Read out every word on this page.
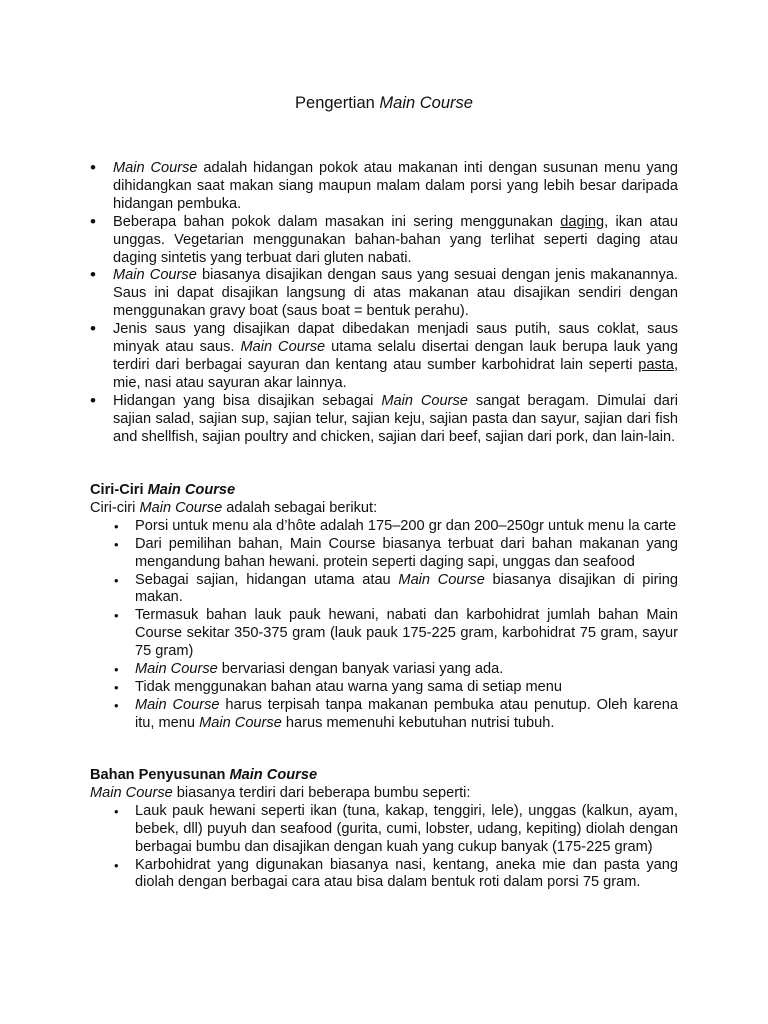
Pengertian Main Course
• Main Course adalah hidangan pokok atau makanan inti dengan susunan menu yang dihidangkan saat makan siang maupun malam dalam porsi yang lebih besar daripada hidangan pembuka.
• Beberapa bahan pokok dalam masakan ini sering menggunakan daging, ikan atau unggas. Vegetarian menggunakan bahan-bahan yang terlihat seperti daging atau daging sintetis yang terbuat dari gluten nabati.
• Main Course biasanya disajikan dengan saus yang sesuai dengan jenis makanannya. Saus ini dapat disajikan langsung di atas makanan atau disajikan sendiri dengan menggunakan gravy boat (saus boat = bentuk perahu).
• Jenis saus yang disajikan dapat dibedakan menjadi saus putih, saus coklat, saus minyak atau saus. Main Course utama selalu disertai dengan lauk berupa lauk yang terdiri dari berbagai sayuran dan kentang atau sumber karbohidrat lain seperti pasta, mie, nasi atau sayuran akar lainnya.
• Hidangan yang bisa disajikan sebagai Main Course sangat beragam. Dimulai dari sajian salad, sajian sup, sajian telur, sajian keju, sajian pasta dan sayur, sajian dari fish and shellfish, sajian poultry and chicken, sajian dari beef, sajian dari pork, dan lain-lain.
Ciri-Ciri Main Course

Ciri-ciri Main Course adalah sebagai berikut:

• Porsi untuk menu ala d’hôte adalah 175–200 gr dan 200–250gr untuk menu la carte
• Dari pemilihan bahan, Main Course biasanya terbuat dari bahan makanan yang mengandung bahan hewani. protein seperti daging sapi, unggas dan seafood
• Sebagai sajian, hidangan utama atau Main Course biasanya disajikan di piring makan.
• Termasuk bahan lauk pauk hewani, nabati dan karbohidrat jumlah bahan Main Course sekitar 350-375 gram (lauk pauk 175-225 gram, karbohidrat 75 gram, sayur 75 gram)
• Main Course bervariasi dengan banyak variasi yang ada.
• Tidak menggunakan bahan atau warna yang sama di setiap menu
• Main Course harus terpisah tanpa makanan pembuka atau penutup. Oleh karena itu, menu Main Course harus memenuhi kebutuhan nutrisi tubuh.
Bahan Penyusunan Main Course

Main Course biasanya terdiri dari beberapa bumbu seperti:

• Lauk pauk hewani seperti ikan (tuna, kakap, tenggiri, lele), unggas (kalkun, ayam, bebek, dll) puyuh dan seafood (gurita, cumi, lobster, udang, kepiting) diolah dengan berbagai bumbu dan disajikan dengan kuah yang cukup banyak (175-225 gram)
• Karbohidrat yang digunakan biasanya nasi, kentang, aneka mie dan pasta yang diolah dengan berbagai cara atau bisa dalam bentuk roti dalam porsi 75 gram.
